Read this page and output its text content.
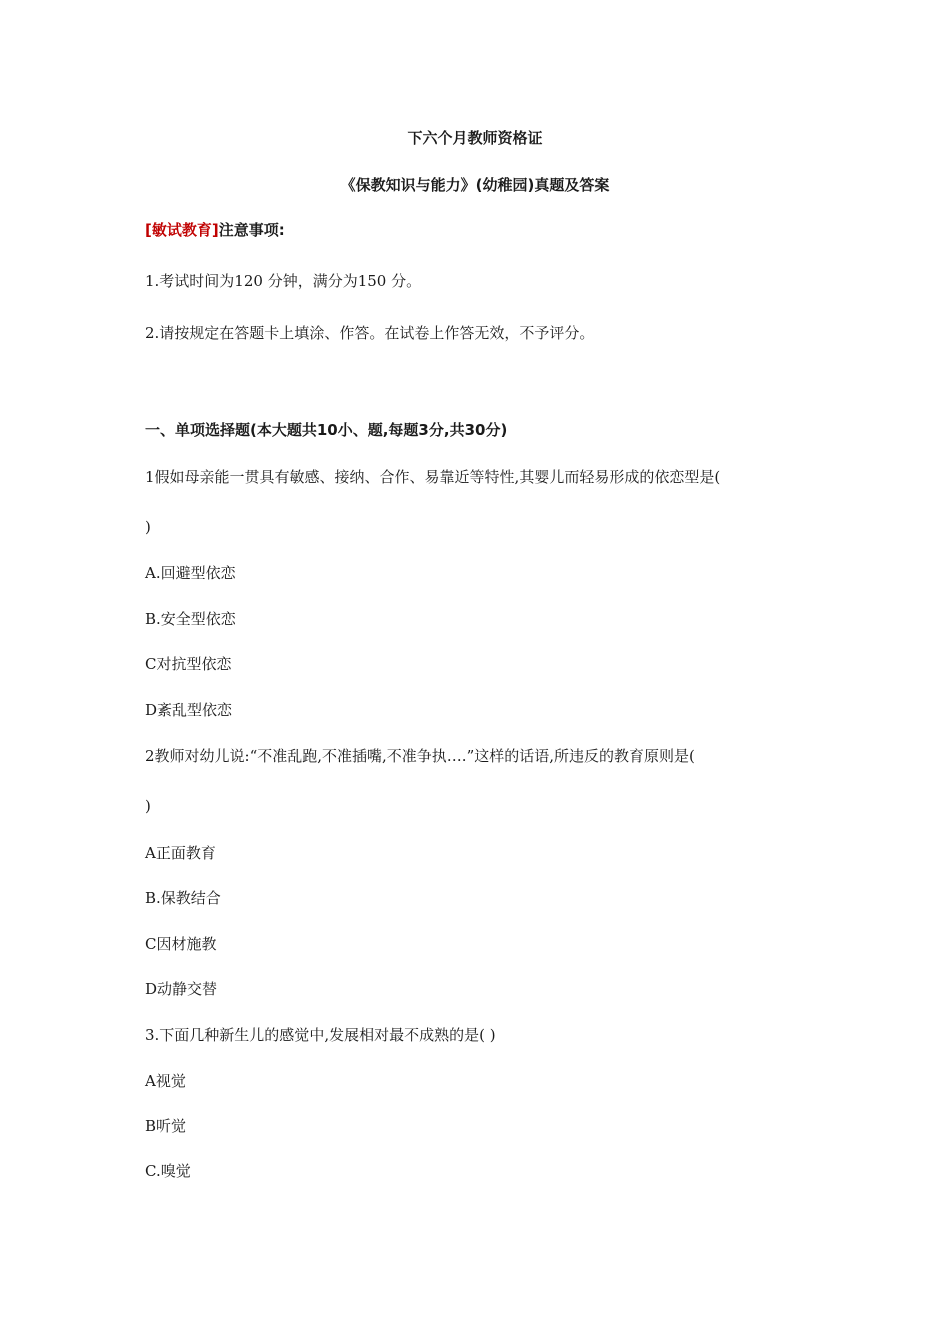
下六个月教师资格证
《保教知识与能力》(幼稚园)真题及答案
[敏试教育]注意事项:
1.考试时间为120 分钟，满分为150 分。
2.请按规定在答题卡上填涂、作答。在试卷上作答无效，不予评分。
一、单项选择题(本大题共10小、题,每题3分,共30分)
1假如母亲能一贯具有敏感、接纳、合作、易靠近等特性,其婴儿而轻易形成的依恋型是(
)
A.回避型依恋
B.安全型依恋
C对抗型依恋
D紊乱型依恋
2教师对幼儿说:“不准乱跑,不准插嘴,不准争执….”这样的话语,所违反的教育原则是(
)
A正面教育
B.保教结合
C因材施教
D动静交替
3.下面几种新生儿的感觉中,发展相对最不成熟的是( )
A视觉
B听觉
C.嗅觉
